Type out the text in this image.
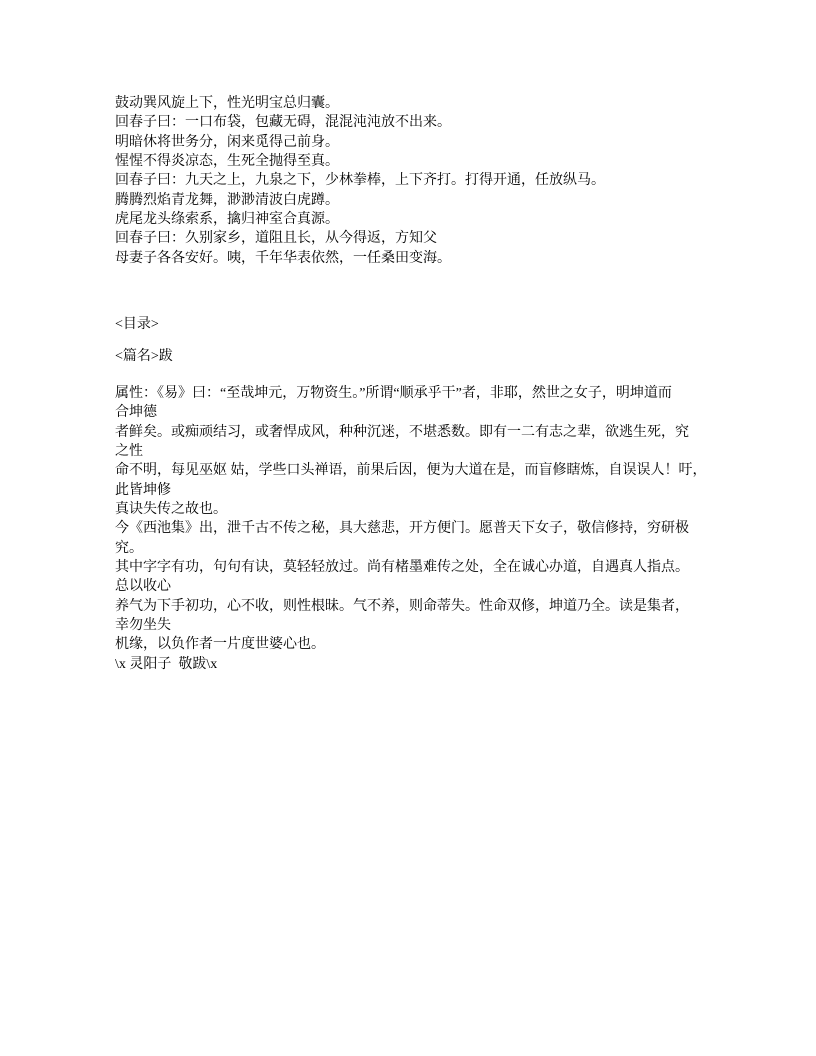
鼓动巽风旋上下，性光明宝总归囊。
回春子曰：一口布袋，包藏无碍，混混沌沌放不出来。
明暗休将世务分，闲来觅得己前身。
惺惺不得炎凉态，生死全抛得至真。
回春子曰：九天之上，九泉之下，少林拳棒，上下齐打。打得开通，任放纵马。
腾腾烈焰青龙舞，渺渺清波白虎蹲。
虎尾龙头绦索系，擒归神室合真源。
回春子曰：久别家乡，道阻且长，从今得返，方知父
母妻子各各安好。咦，千年华表依然，一任桑田变海。
<目录>
<篇名>跋
属性：《易》曰：“至哉坤元，万物资生。”所谓“顺承乎干”者，非耶，然世之女子，明坤道而
合坤德
者鲜矣。或痴顽结习，或奢悍成风，种种沉迷，不堪悉数。即有一二有志之辈，欲逃生死，究
之性
命不明，每见巫妪 姑，学些口头禅语，前果后因，便为大道在是，而盲修瞎炼，自误误人！吁，
此皆坤修
真诀失传之故也。
今《西池集》出，泄千古不传之秘，具大慈悲，开方便门。愿普天下女子，敬信修持，穷研极
究。
其中字字有功，句句有诀，莫轻轻放过。尚有楮墨难传之处，全在诚心办道，自遇真人指点。
总以收心
养气为下手初功，心不收，则性根昧。气不养，则命蒂失。性命双修，坤道乃全。读是集者，
幸勿坐失
机缘，以负作者一片度世婆心也。
\x 灵阳子  敬跋\x
